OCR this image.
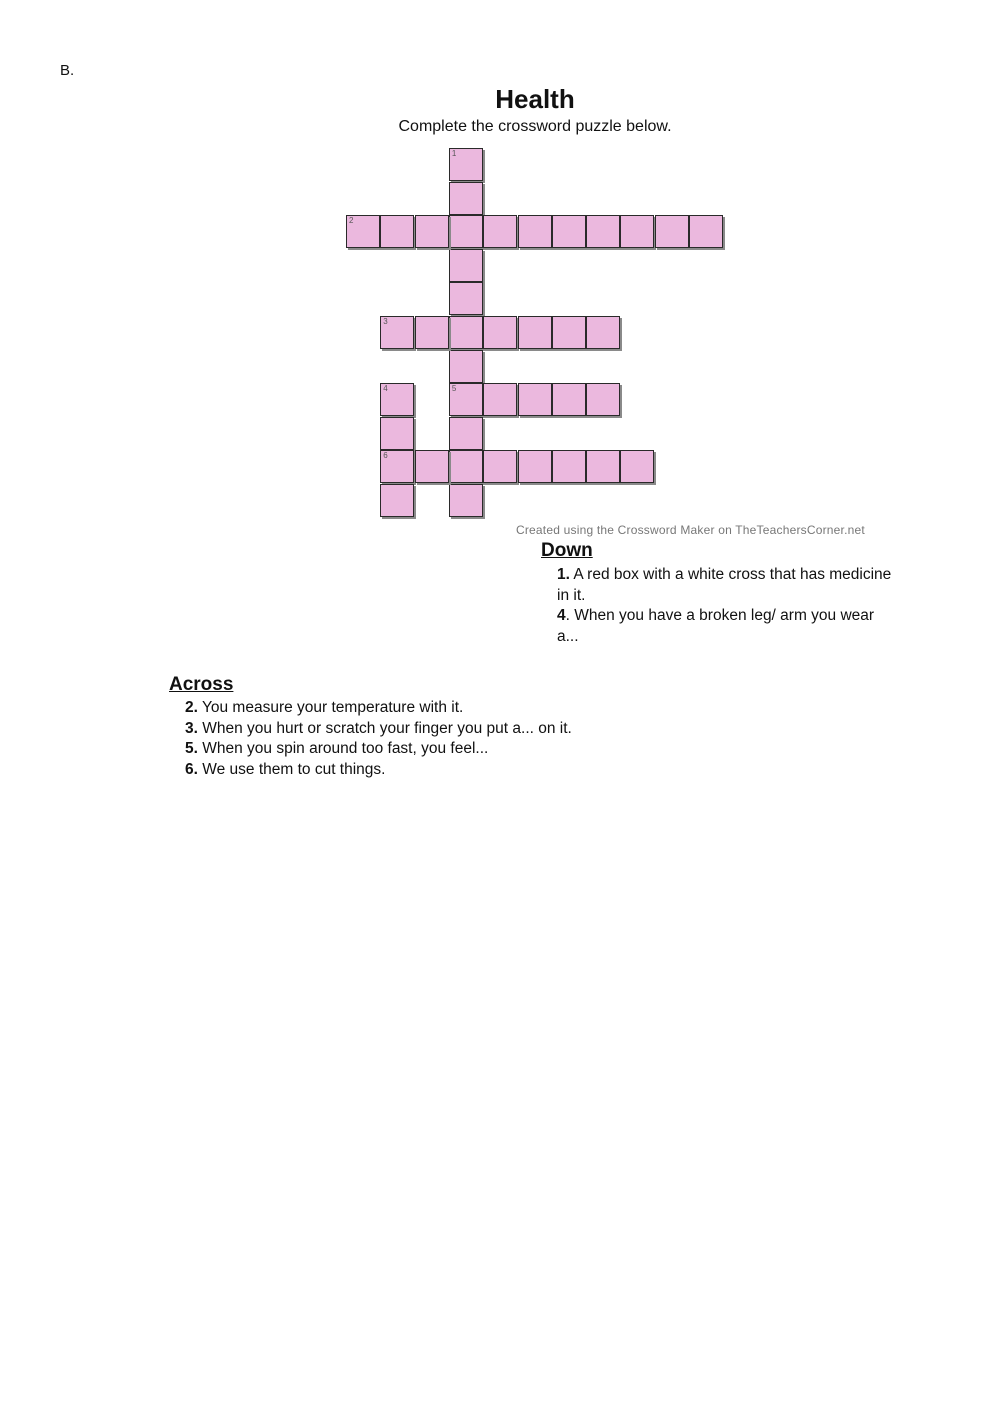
B.
Health
Complete the crossword puzzle below.
1
5
2
3
4
6
Created using the Crossword Maker on TheTeachersCorner.net
Down
1. A red box with a white cross that has medicine in it.
4. When you have a broken leg/ arm you wear a...
Across
2. You measure your temperature with it.
3. When you hurt or scratch your finger you put a... on it.
5. When you spin around too fast, you feel...
6. We use them to cut things.
